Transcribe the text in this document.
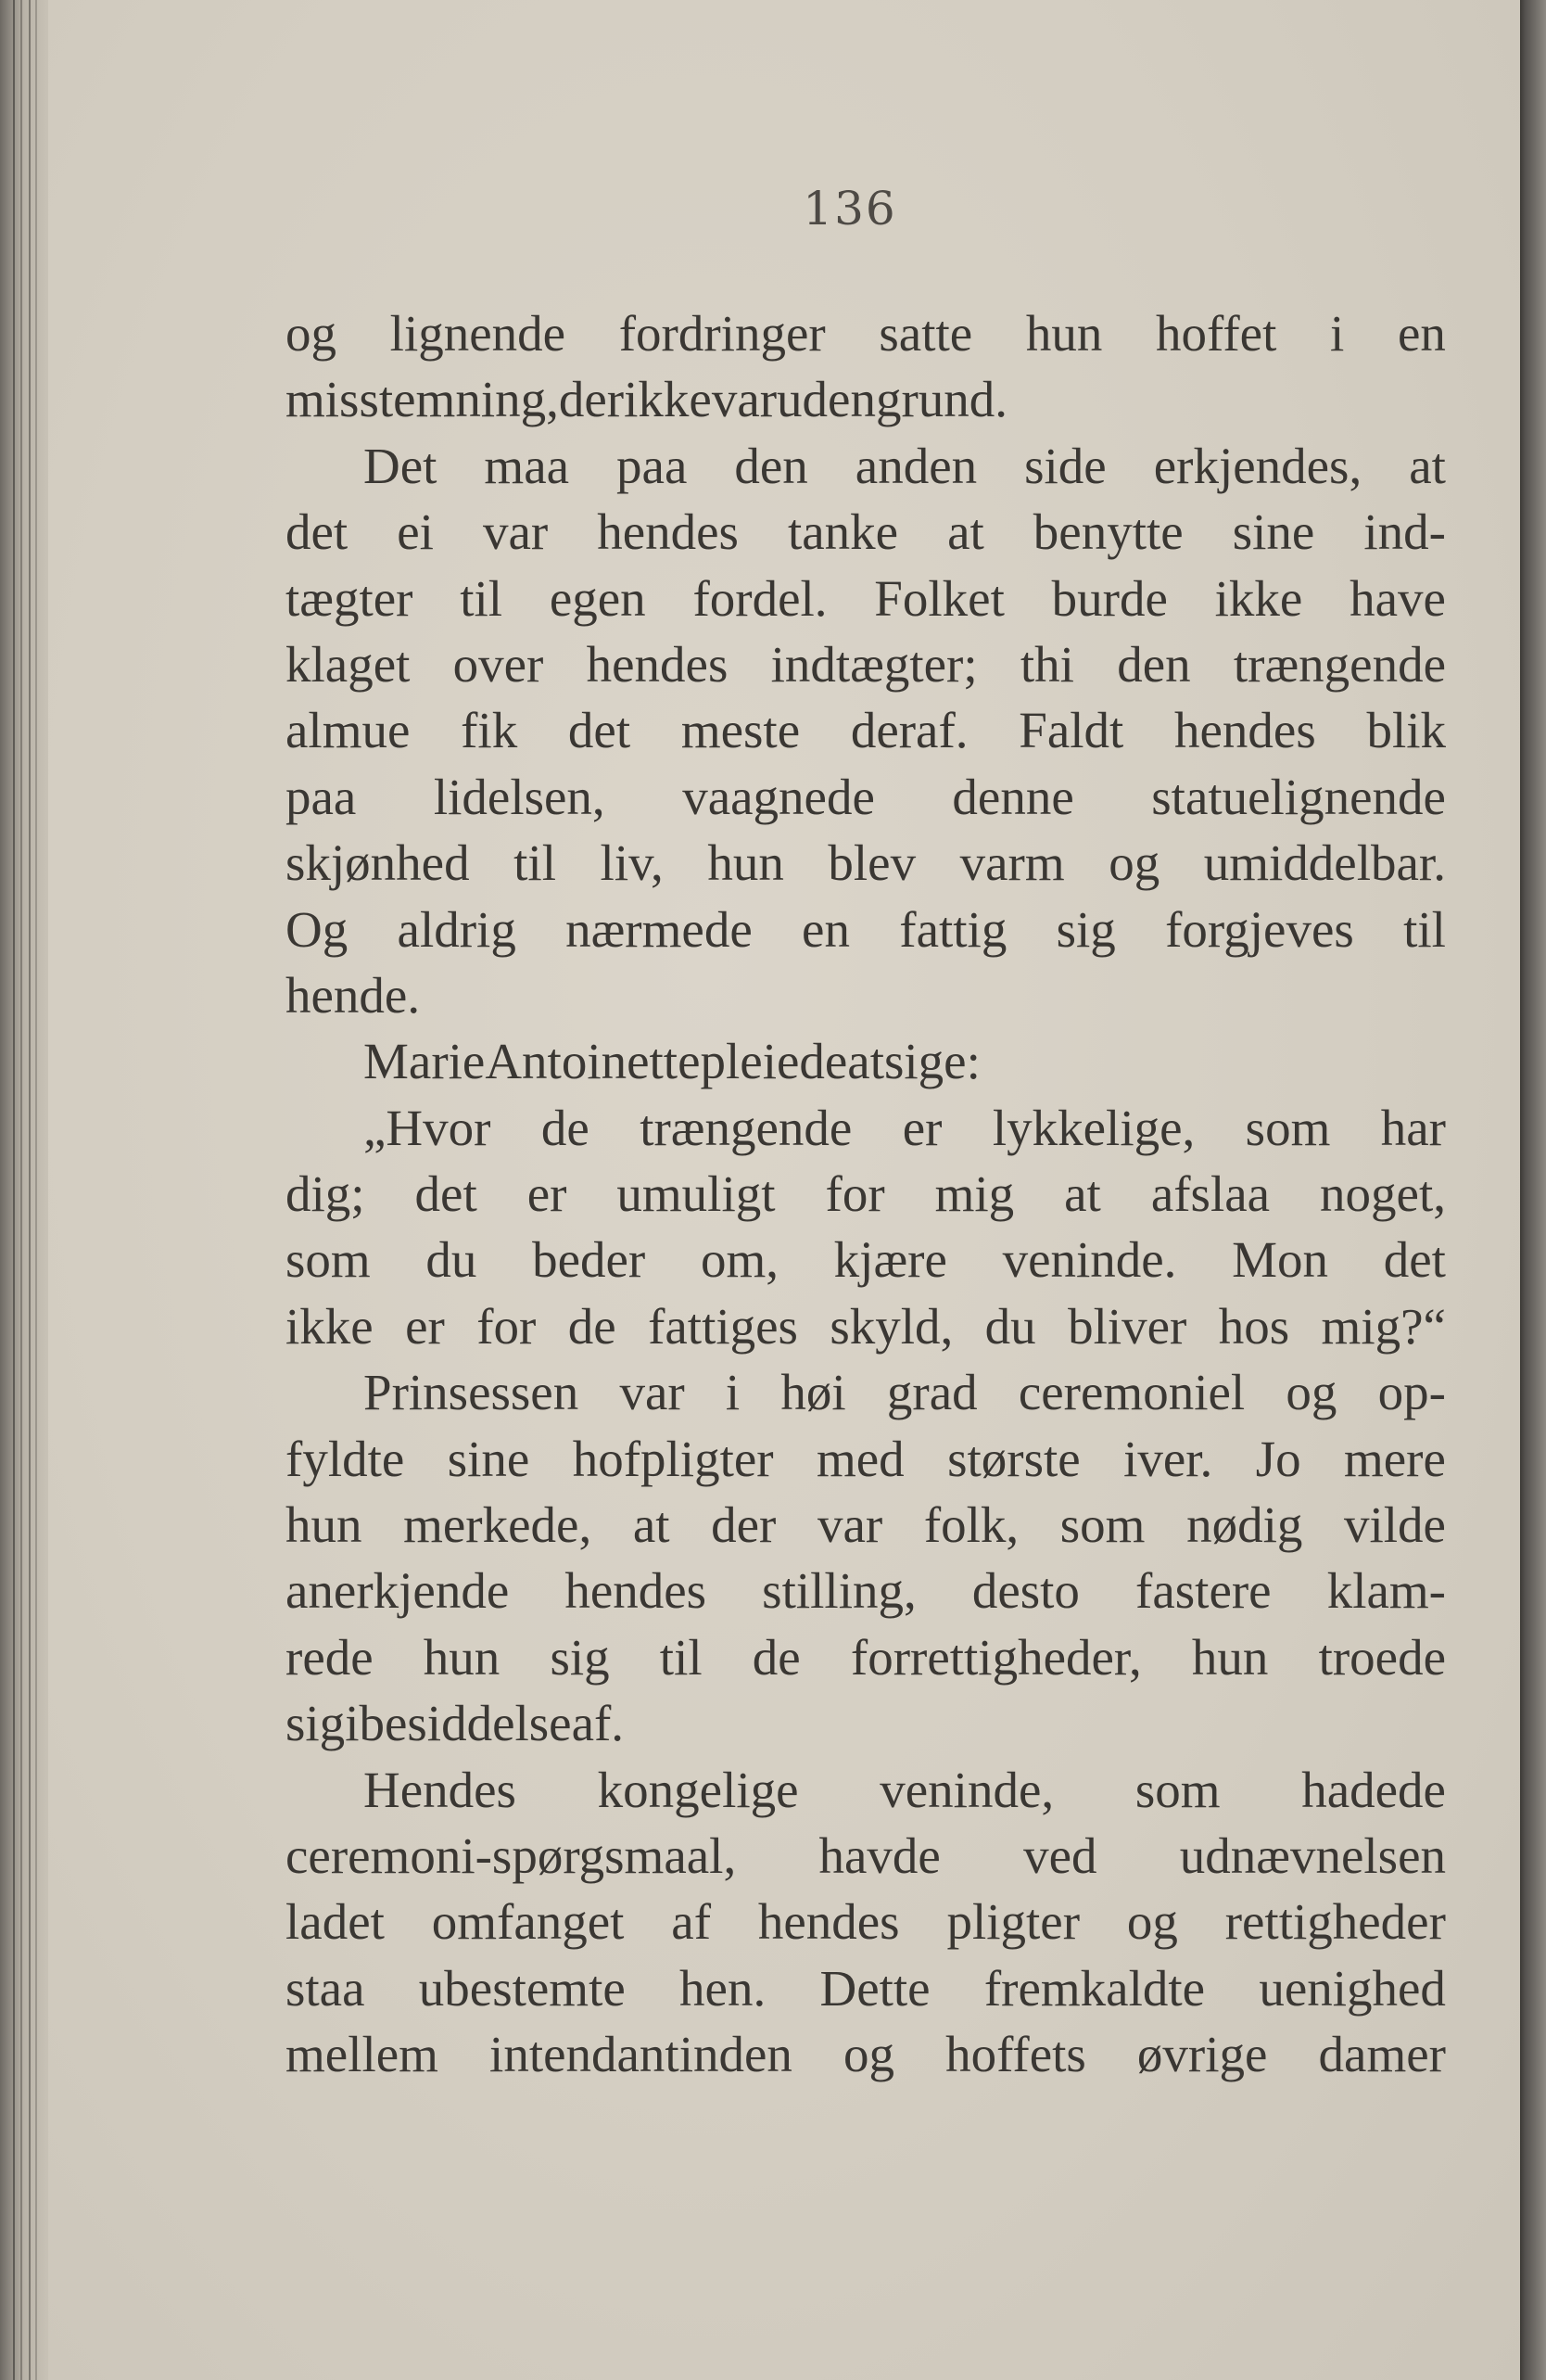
136
og lignende fordringer satte hun hoffet i en
misstemning, der ikke var uden grund.
Det maa paa den anden side erkjendes, at
det ei var hendes tanke at benytte sine ind-
tægter til egen fordel. Folket burde ikke have
klaget over hendes indtægter; thi den trængende
almue fik det meste deraf. Faldt hendes blik
paa lidelsen, vaagnede denne statuelignende
skjønhed til liv, hun blev varm og umiddelbar.
Og aldrig nærmede en fattig sig forgjeves til
hende.
Marie Antoinette pleiede at sige:
„Hvor de trængende er lykkelige, som har
dig; det er umuligt for mig at afslaa noget,
som du beder om, kjære veninde. Mon det
ikke er for de fattiges skyld, du bliver hos mig?“
Prinsessen var i høi grad ceremoniel og op-
fyldte sine hofpligter med største iver. Jo mere
hun merkede, at der var folk, som nødig vilde
anerkjende hendes stilling, desto fastere klam-
rede hun sig til de forrettigheder, hun troede
sig i besiddelse af.
Hendes kongelige veninde, som hadede
ceremoni-spørgsmaal, havde ved udnævnelsen
ladet omfanget af hendes pligter og rettigheder
staa ubestemte hen. Dette fremkaldte uenighed
mellem intendantinden og hoffets øvrige damer
